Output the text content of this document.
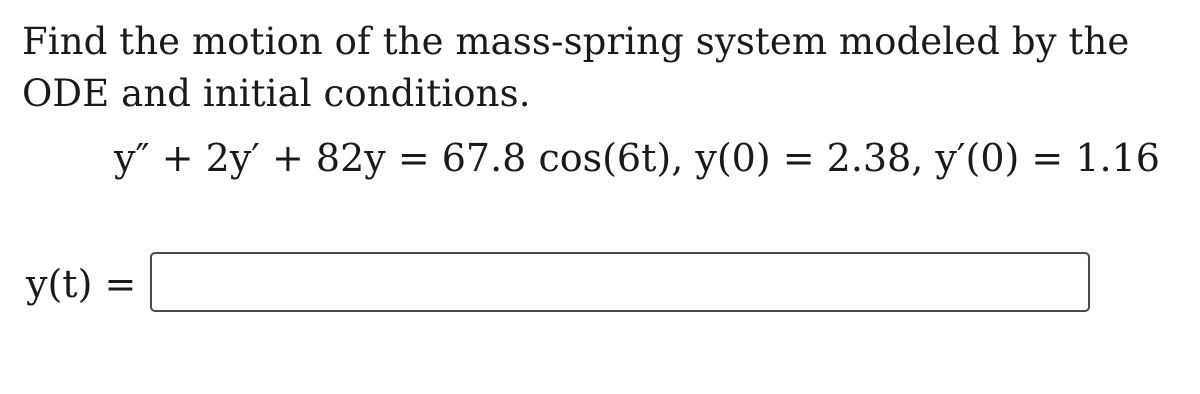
Find the motion of the mass-spring system modeled by the ODE and initial conditions.
y″ + 2y′ + 82y = 67.8 cos(6t), y(0) = 2.38, y′(0) = 1.16
y(t) =
